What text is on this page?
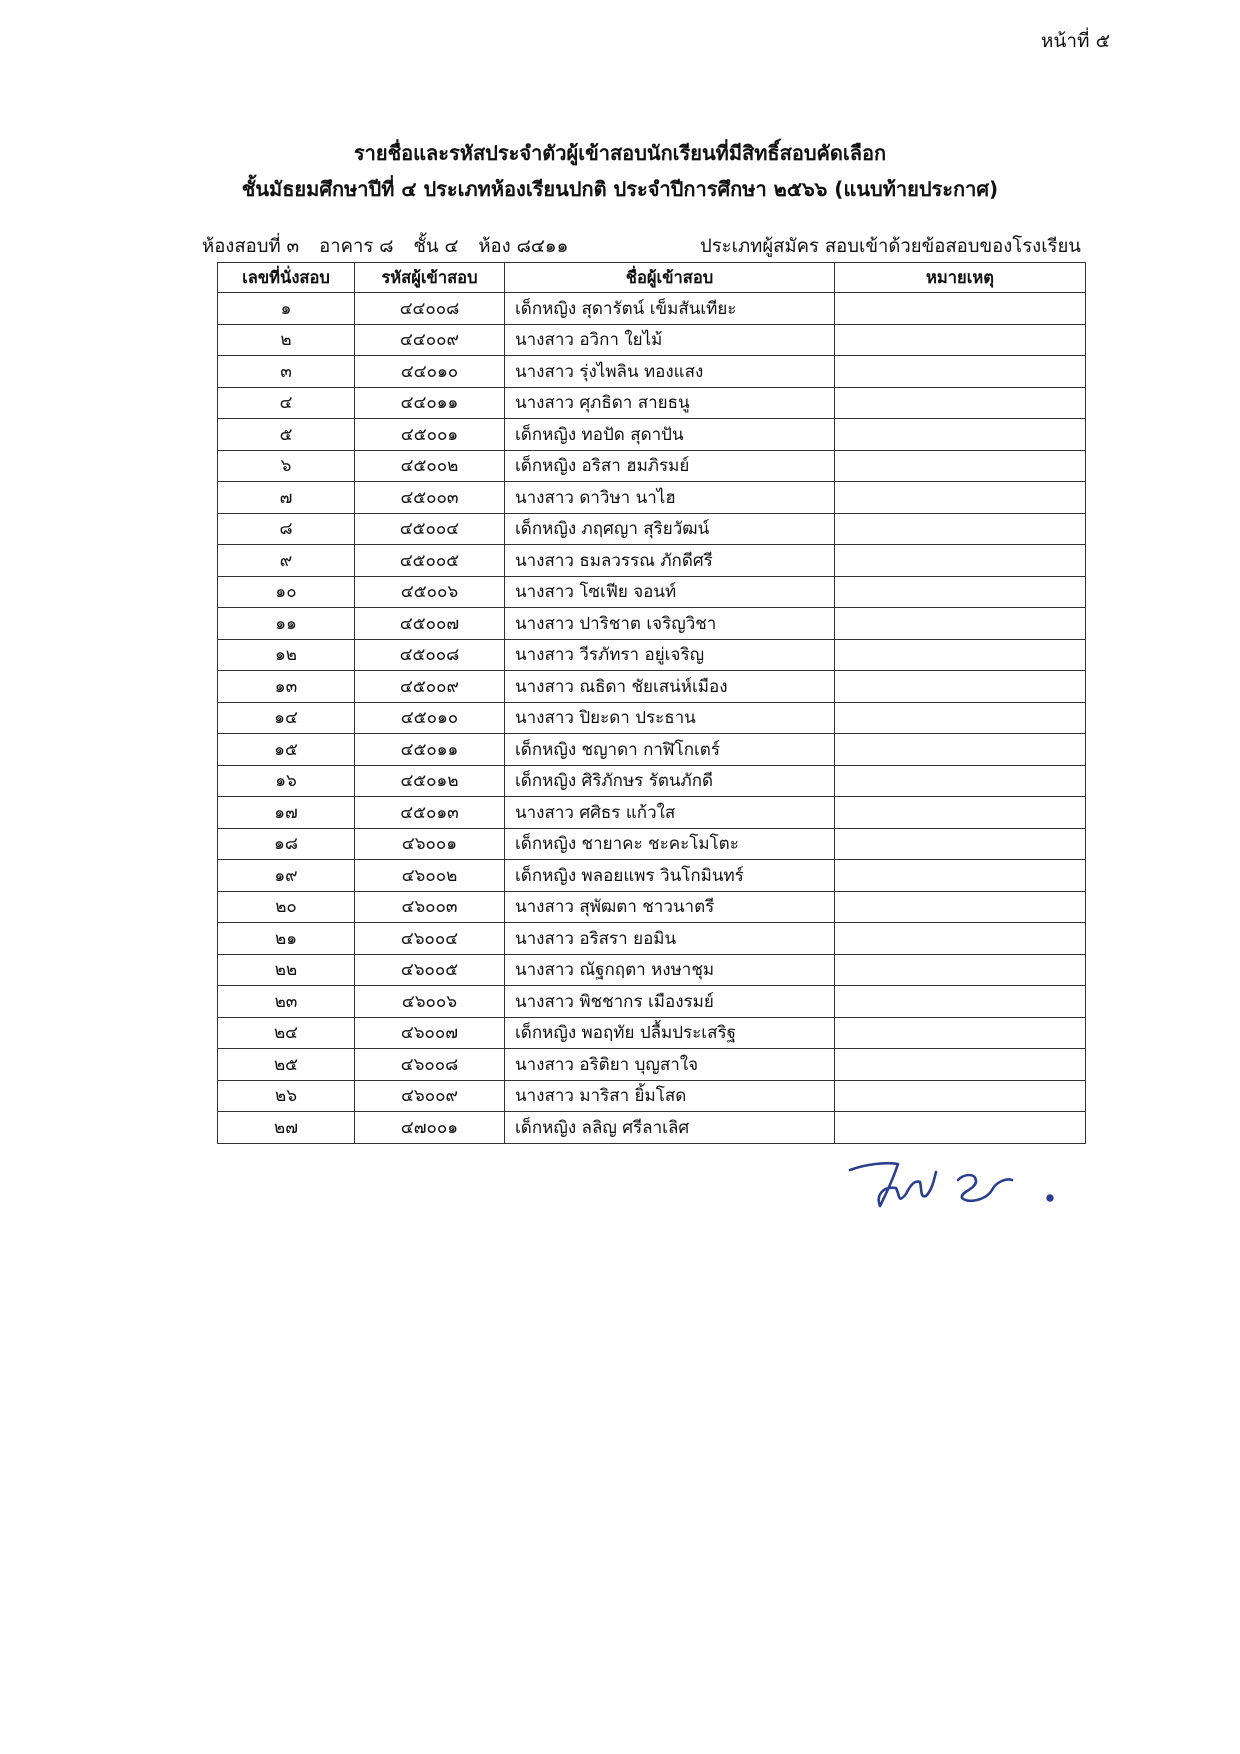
หน้าที่ ๕
รายชื่อและรหัสประจำตัวผู้เข้าสอบนักเรียนที่มีสิทธิ์สอบคัดเลือก
ชั้นมัธยมศึกษาปีที่ ๔ ประเภทห้องเรียนปกติ ประจำปีการศึกษา ๒๕๖๖ (แนบท้ายประกาศ)
ห้องสอบที่ ๓ อาคาร ๘ ชั้น ๔ ห้อง ๘๔๑๑	ประเภทผู้สมัคร สอบเข้าด้วยข้อสอบของโรงเรียน
เลขที่นั่งสอบ	รหัสผู้เข้าสอบ	ชื่อผู้เข้าสอบ	หมายเหตุ
๑	๔๔๐๐๘	เด็กหญิง สุดารัตน์ เข็มสันเทียะ	
๒	๔๔๐๐๙	นางสาว อวิกา ใยไม้	
๓	๔๔๐๑๐	นางสาว รุ่งไพลิน ทองแสง	
๔	๔๔๐๑๑	นางสาว ศุภธิดา สายธนู	
๕	๔๕๐๐๑	เด็กหญิง ทอปัด สุดาปัน	
๖	๔๕๐๐๒	เด็กหญิง อริสา ฮมภิรมย์	
๗	๔๕๐๐๓	นางสาว ดาวิษา นาไฮ	
๘	๔๕๐๐๔	เด็กหญิง ภฤศญา สุริยวัฒน์	
๙	๔๕๐๐๕	นางสาว ธมลวรรณ ภักดีศรี	
๑๐	๔๕๐๐๖	นางสาว โซเฟีย จอนท์	
๑๑	๔๕๐๐๗	นางสาว ปาริชาต เจริญวิชา	
๑๒	๔๕๐๐๘	นางสาว วีรภัทรา อยู่เจริญ	
๑๓	๔๕๐๐๙	นางสาว ณธิดา ชัยเสน่ห์เมือง	
๑๔	๔๕๐๑๐	นางสาว ปิยะดา ประธาน	
๑๕	๔๕๐๑๑	เด็กหญิง ชญาดา กาฬิโกเตร์	
๑๖	๔๕๐๑๒	เด็กหญิง ศิริภักษร รัตนภักดี	
๑๗	๔๕๐๑๓	นางสาว ศศิธร แก้วใส	
๑๘	๔๖๐๐๑	เด็กหญิง ชายาคะ ชะคะโมโตะ	
๑๙	๔๖๐๐๒	เด็กหญิง พลอยแพร วินโกมินทร์	
๒๐	๔๖๐๐๓	นางสาว สุพัฒตา ชาวนาตรี	
๒๑	๔๖๐๐๔	นางสาว อริสรา ยอมิน	
๒๒	๔๖๐๐๕	นางสาว ณัฐกฤตา หงษาชุม	
๒๓	๔๖๐๐๖	นางสาว พิชชากร เมืองรมย์	
๒๔	๔๖๐๐๗	เด็กหญิง พอฤทัย ปลื้มประเสริฐ	
๒๕	๔๖๐๐๘	นางสาว อริติยา บุญสาใจ	
๒๖	๔๖๐๐๙	นางสาว มาริสา ยิ้มโสด	
๒๗	๔๗๐๐๑	เด็กหญิง ลลิญ ศรีลาเลิศ	
